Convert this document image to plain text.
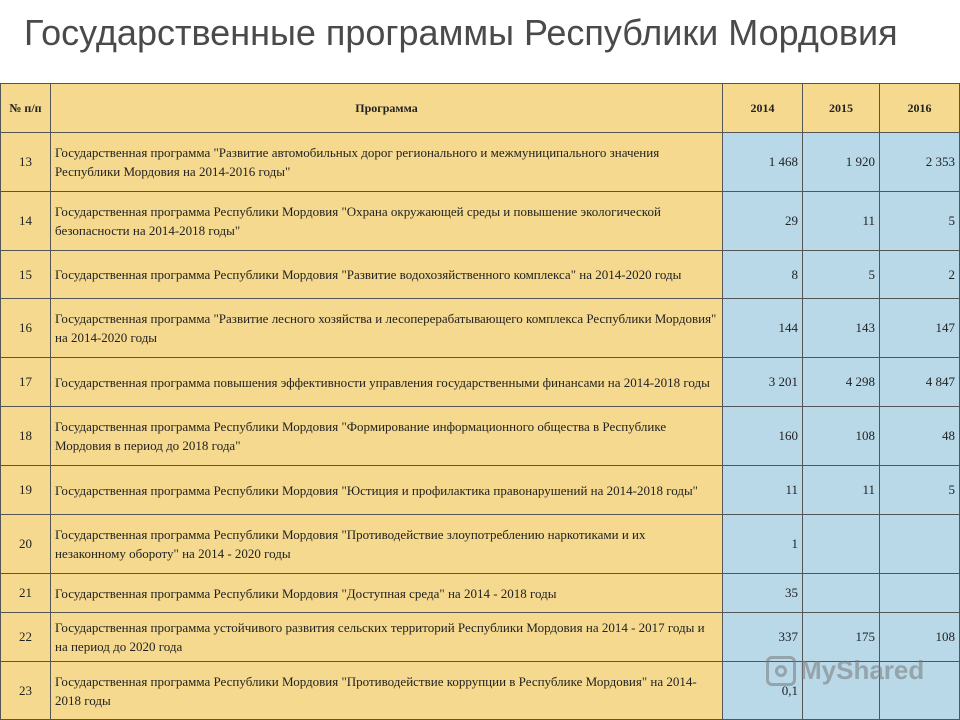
Государственные программы Республики Мордовия
№ п/п	Программа	2014	2015	2016
13	Государственная программа "Развитие автомобильных дорог регионального и межмуниципального значения Республики Мордовия на 2014-2016 годы"	1 468	1 920	2 353
14	Государственная программа Республики Мордовия "Охрана окружающей среды и повышение экологической безопасности на 2014-2018 годы"	29	11	5
15	Государственная программа Республики Мордовия "Развитие водохозяйственного комплекса" на 2014-2020 годы	8	5	2
16	Государственная программа "Развитие лесного хозяйства и лесоперерабатывающего комплекса Республики Мордовия" на 2014-2020 годы	144	143	147
17	Государственная программа повышения эффективности управления государственными финансами на 2014-2018 годы	3 201	4 298	4 847
18	Государственная программа Республики Мордовия "Формирование информационного общества в Республике Мордовия в период до 2018 года"	160	108	48
19	Государственная программа Республики Мордовия "Юстиция и профилактика правонарушений на 2014-2018 годы"	11	11	5
20	Государственная программа Республики Мордовия "Противодействие злоупотреблению наркотиками и их незаконному обороту" на 2014 - 2020 годы	1		
21	Государственная программа Республики Мордовия "Доступная среда" на 2014 - 2018 годы	35		
22	Государственная программа устойчивого развития сельских территорий Республики Мордовия на 2014 - 2017 годы и на период до 2020 года	337	175	108
23	Государственная программа Республики Мордовия "Противодействие коррупции в Республике Мордовия" на 2014-2018 годы	0,1		
MyShared
